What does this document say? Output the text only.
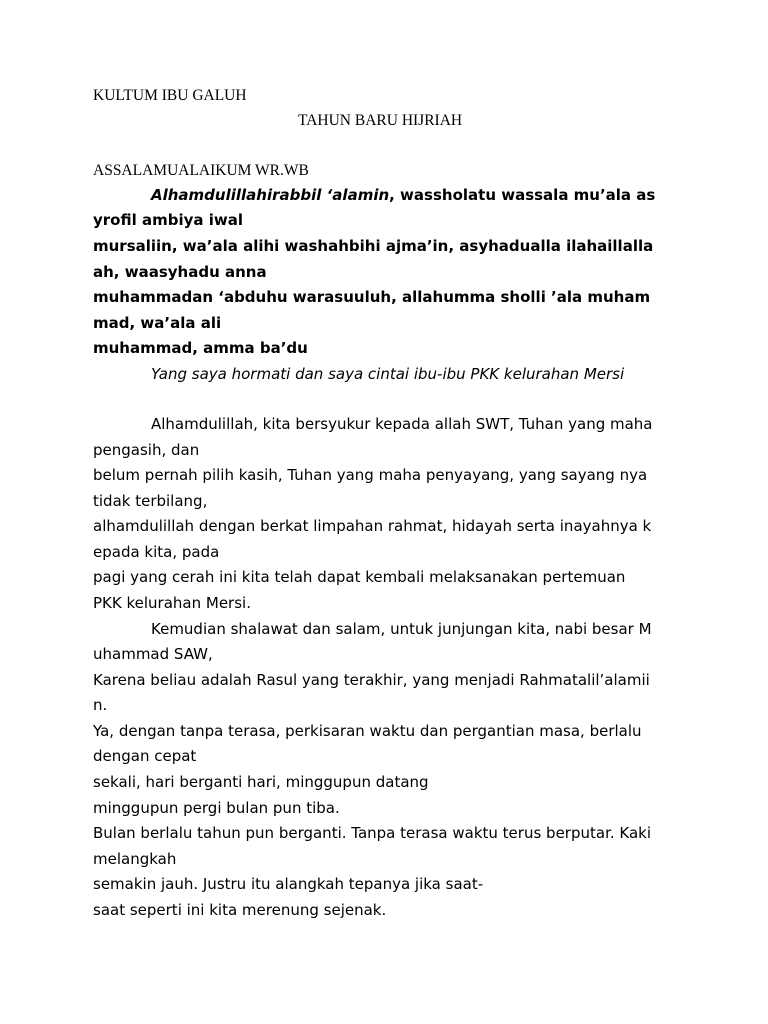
KULTUM IBU GALUH
TAHUN BARU HIJRIAH
ASSALAMUALAIKUM WR.WB
Alhamdulillahirabbil ‘alamin, wassholatu wassala mu’ala as
yrofil ambiya iwal
mursaliin, wa’ala alihi washahbihi ajma’in, asyhadualla ilahaillalla
ah, waasyhadu anna
muhammadan ‘abduhu warasuuluh, allahumma sholli ’ala muham
mad, wa’ala ali
muhammad, amma ba’du
Yang saya hormati dan saya cintai ibu-ibu PKK kelurahan Mersi
Alhamdulillah, kita bersyukur kepada allah SWT, Tuhan yang maha
pengasih, dan
belum pernah pilih kasih, Tuhan yang maha penyayang, yang sayang nya
tidak terbilang,
alhamdulillah dengan berkat limpahan rahmat, hidayah serta inayahnya k
epada kita, pada
pagi yang cerah ini kita telah dapat kembali melaksanakan pertemuan
PKK kelurahan Mersi.
Kemudian shalawat dan salam, untuk junjungan kita, nabi besar M
uhammad SAW,
Karena beliau adalah Rasul yang terakhir, yang menjadi Rahmatalil’alamii
n.
Ya, dengan tanpa terasa, perkisaran waktu dan pergantian masa, berlalu
dengan cepat
sekali, hari berganti hari, minggupun datang
minggupun pergi bulan pun tiba.
Bulan berlalu tahun pun berganti. Tanpa terasa waktu terus berputar. Kaki
melangkah
semakin jauh. Justru itu alangkah tepanya jika saat-
saat seperti ini kita merenung sejenak.
